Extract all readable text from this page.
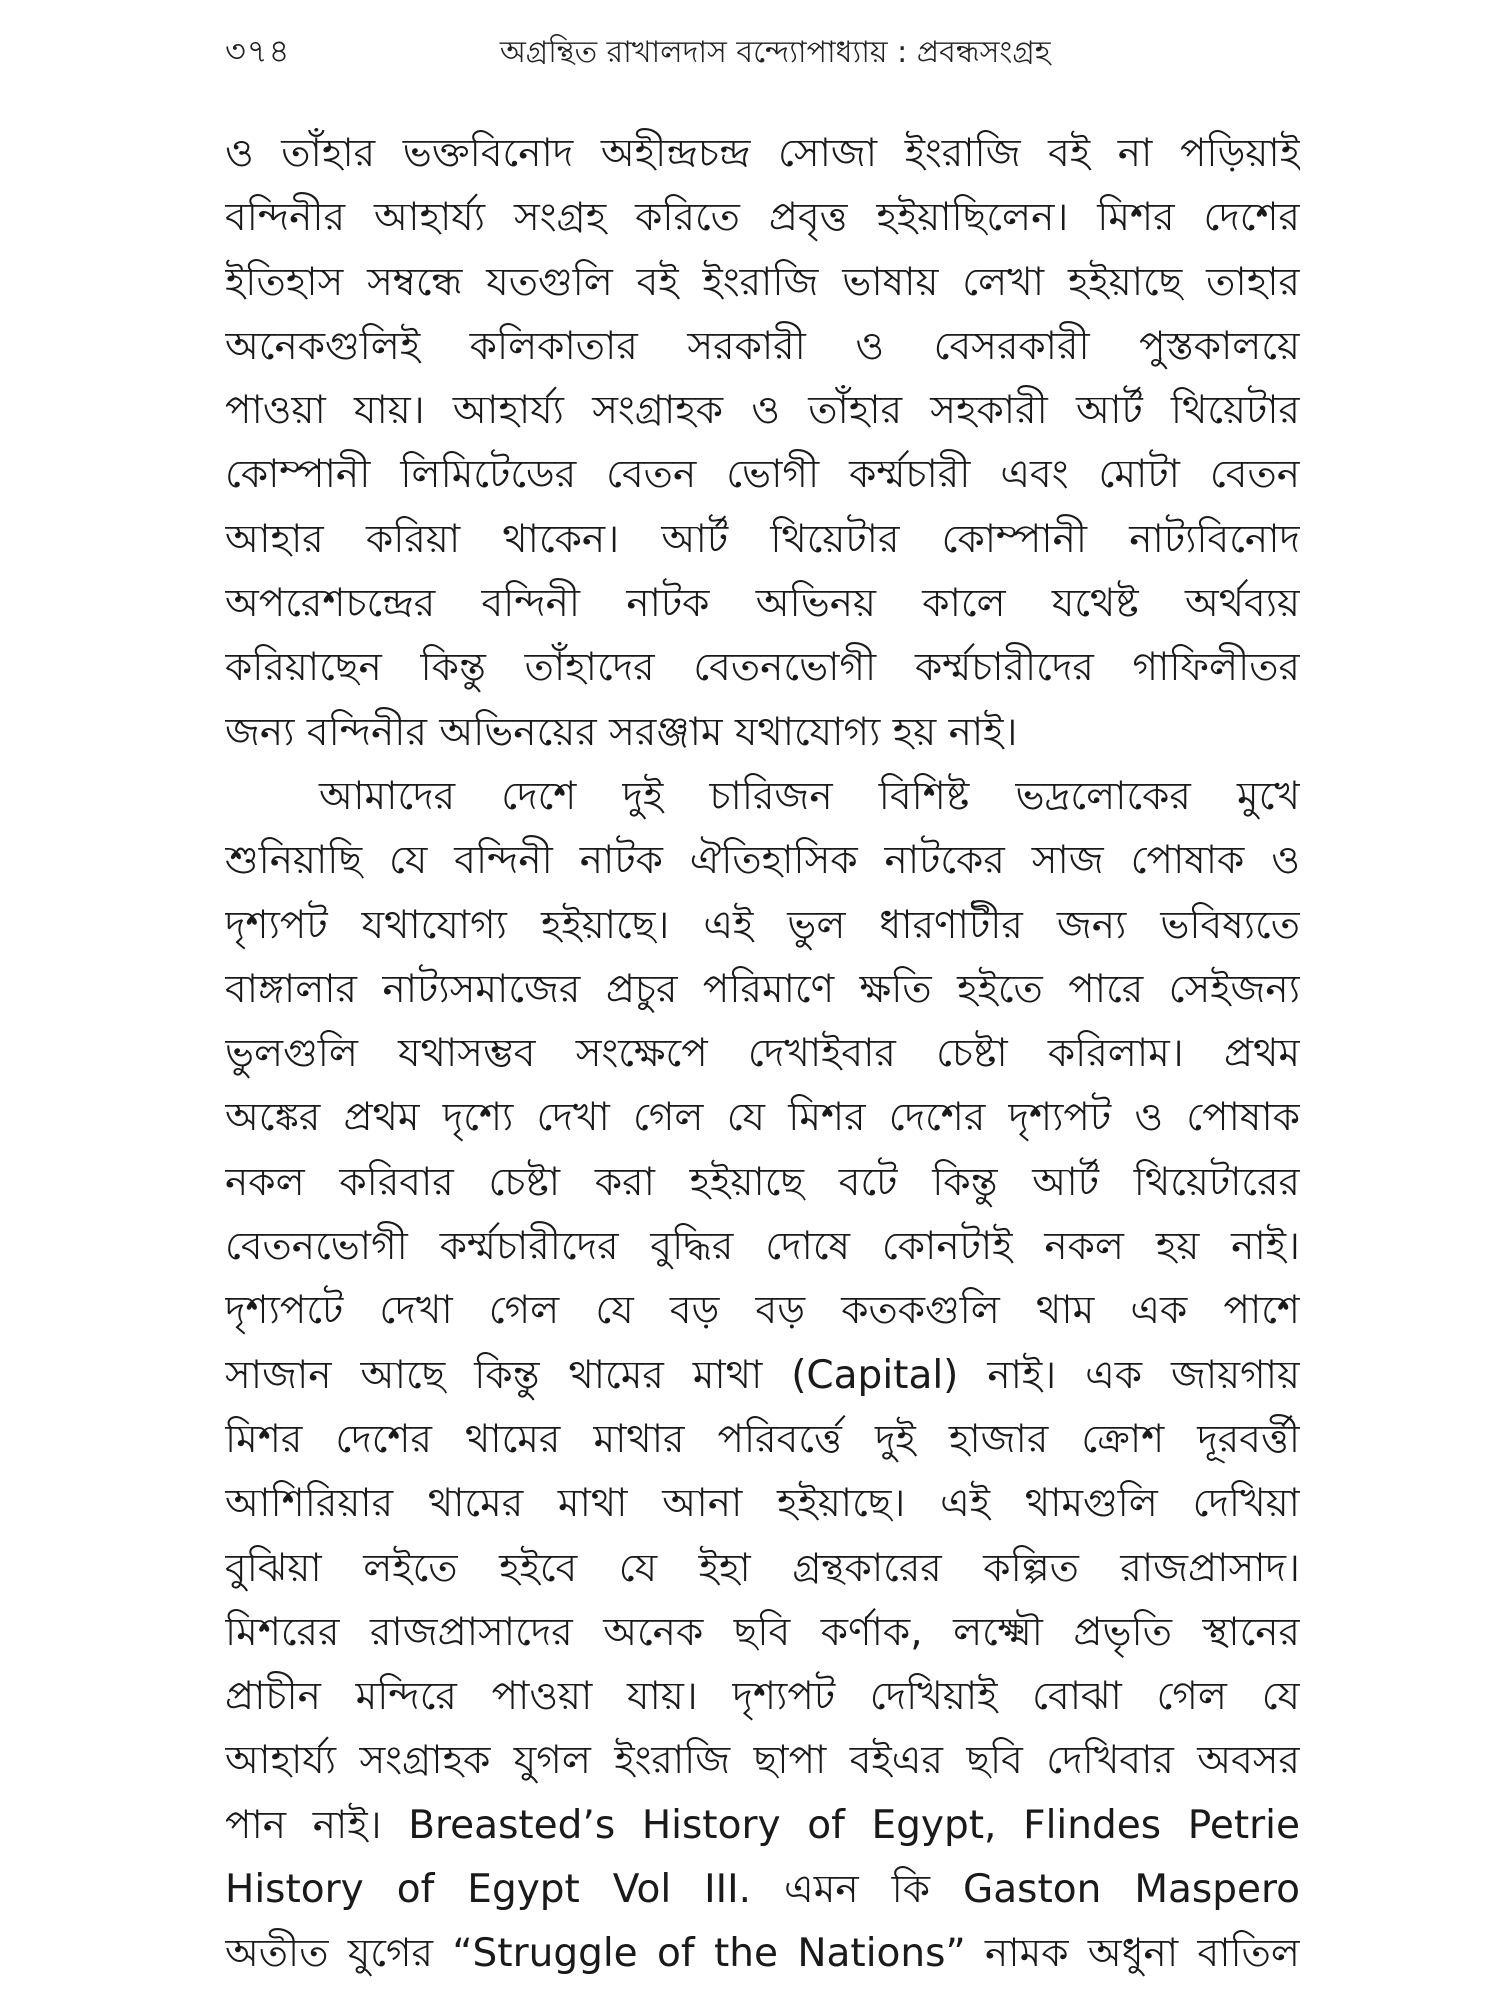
৩৭৪	অগ্রন্থিত রাখালদাস বন্দ্যোপাধ্যায় : প্রবন্ধসংগ্রহ
ও তাঁহার ভক্তবিনোদ অহীন্দ্রচন্দ্র সোজা ইংরাজি বই না পড়িয়াই
বন্দিনীর আহার্য্য সংগ্রহ করিতে প্রবৃত্ত হইয়াছিলেন। মিশর দেশের
ইতিহাস সম্বন্ধে যতগুলি বই ইংরাজি ভাষায় লেখা হইয়াছে তাহার
অনেকগুলিই কলিকাতার সরকারী ও বেসরকারী পুস্তকালয়ে
পাওয়া যায়। আহার্য্য সংগ্রাহক ও তাঁহার সহকারী আর্ট থিয়েটার
কোম্পানী লিমিটেডের বেতন ভোগী কর্ম্মচারী এবং মোটা বেতন
আহার করিয়া থাকেন। আর্ট থিয়েটার কোম্পানী নাট্যবিনোদ
অপরেশচন্দ্রের বন্দিনী নাটক অভিনয় কালে যথেষ্ট অর্থব্যয়
করিয়াছেন কিন্তু তাঁহাদের বেতনভোগী কর্ম্মচারীদের গাফিলীতর
জন্য বন্দিনীর অভিনয়ের সরঞ্জাম যথাযোগ্য হয় নাই।
আমাদের দেশে দুই চারিজন বিশিষ্ট ভদ্রলোকের মুখে
শুনিয়াছি যে বন্দিনী নাটক ঐতিহাসিক নাটকের সাজ পোষাক ও
দৃশ্যপট যথাযোগ্য হইয়াছে। এই ভুল ধারণাটীর জন্য ভবিষ্যতে
বাঙ্গালার নাট্যসমাজের প্রচুর পরিমাণে ক্ষতি হইতে পারে সেইজন্য
ভুলগুলি যথাসম্ভব সংক্ষেপে দেখাইবার চেষ্টা করিলাম। প্রথম
অঙ্কের প্রথম দৃশ্যে দেখা গেল যে মিশর দেশের দৃশ্যপট ও পোষাক
নকল করিবার চেষ্টা করা হইয়াছে বটে কিন্তু আর্ট থিয়েটারের
বেতনভোগী কর্ম্মচারীদের বুদ্ধির দোষে কোনটাই নকল হয় নাই।
দৃশ্যপটে দেখা গেল যে বড় বড় কতকগুলি থাম এক পাশে
সাজান আছে কিন্তু থামের মাথা (Capital) নাই। এক জায়গায়
মিশর দেশের থামের মাথার পরিবর্ত্তে দুই হাজার ক্রোশ দূরবর্ত্তী
আশিরিয়ার থামের মাথা আনা হইয়াছে। এই থামগুলি দেখিয়া
বুঝিয়া লইতে হইবে যে ইহা গ্রন্থকারের কল্পিত রাজপ্রাসাদ।
মিশরের রাজপ্রাসাদের অনেক ছবি কর্ণাক, লক্ষ্মৌ প্রভৃতি স্থানের
প্রাচীন মন্দিরে পাওয়া যায়। দৃশ্যপট দেখিয়াই বোঝা গেল যে
আহার্য্য সংগ্রাহক যুগল ইংরাজি ছাপা বইএর ছবি দেখিবার অবসর
পান নাই। Breasted’s History of Egypt, Flindes Petrie
History of Egypt Vol III. এমন কি Gaston Maspero
অতীত যুগের “Struggle of the Nations” নামক অধুনা বাতিল
